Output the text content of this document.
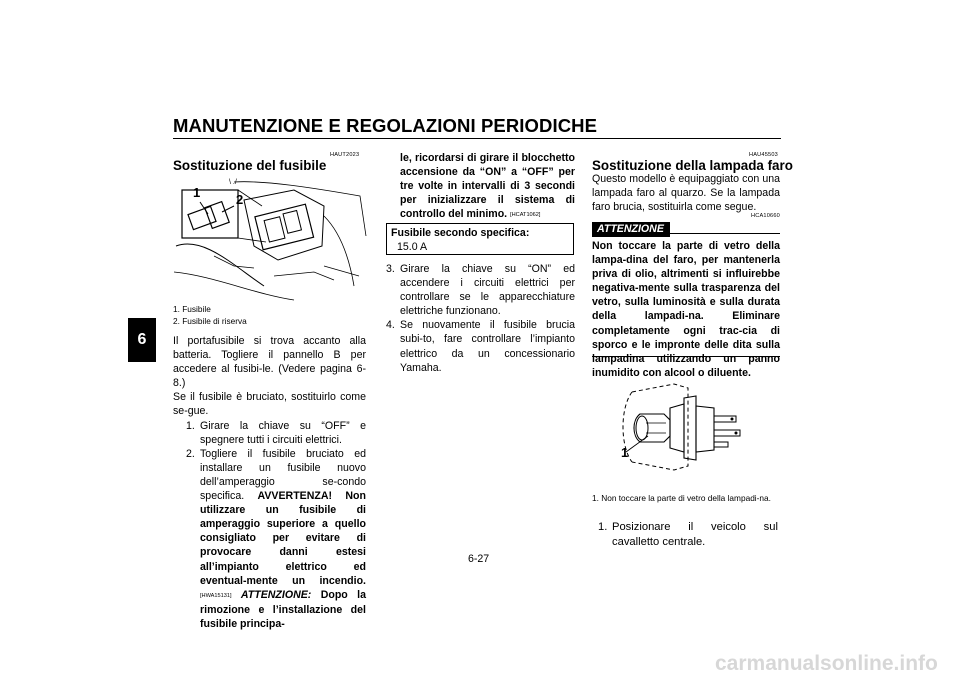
MANUTENZIONE E REGOLAZIONI PERIODICHE
6
HAUT2023
Sostituzione del fusibile
\ ./
1	2
1. Fusibile
2. Fusibile di riserva

Il portafusibile si trova accanto alla batteria. Togliere il pannello B per accedere al fusibi-le. (Vedere pagina 6-8.)

Se il fusibile è bruciato, sostituirlo come se-gue.

1. Girare la chiave su “OFF” e spegnere tutti i circuiti elettrici.
2. Togliere il fusibile bruciato ed installare un fusibile nuovo dell’amperaggio se-condo specifica. AVVERTENZA! Non utilizzare un fusibile di amperaggio superiore a quello consigliato per evitare di provocare danni estesi all’impianto elettrico ed eventual-mente un incendio. [HWA15131] ATTENZIONE: Dopo la rimozione e l’installazione del fusibile principa-

le, ricordarsi di girare il blocchetto accensione da “ON” a “OFF” per tre volte in intervalli di 3 secondi per inizializzare il sistema di controllo del minimo. [HCAT1062]

Fusibile secondo specifica:
15.0 A
3. Girare la chiave su “ON” ed accendere i circuiti elettrici per controllare se le apparecchiature elettriche funzionano.
4. Se nuovamente il fusibile brucia subi-to, fare controllare l’impianto elettrico da un concessionario Yamaha.
HAU45503
Sostituzione della lampada faro

Questo modello è equipaggiato con una lampada faro al quarzo. Se la lampada faro brucia, sostituirla come segue.

HCA10660
ATTENZIONE

Non toccare la parte di vetro della lampa-dina del faro, per mantenerla priva di olio, altrimenti si influirebbe negativa-mente sulla trasparenza del vetro, sulla luminosità e sulla durata della lampadi-na. Eliminare completamente ogni trac-cia di sporco e le impronte delle dita sulla lampadina utilizzando un panno inumidito con alcool o diluente.

1
1. Non toccare la parte di vetro della lampadi-na.
1. Posizionare il veicolo sul cavalletto centrale.
6-27
carmanualsonline.info
